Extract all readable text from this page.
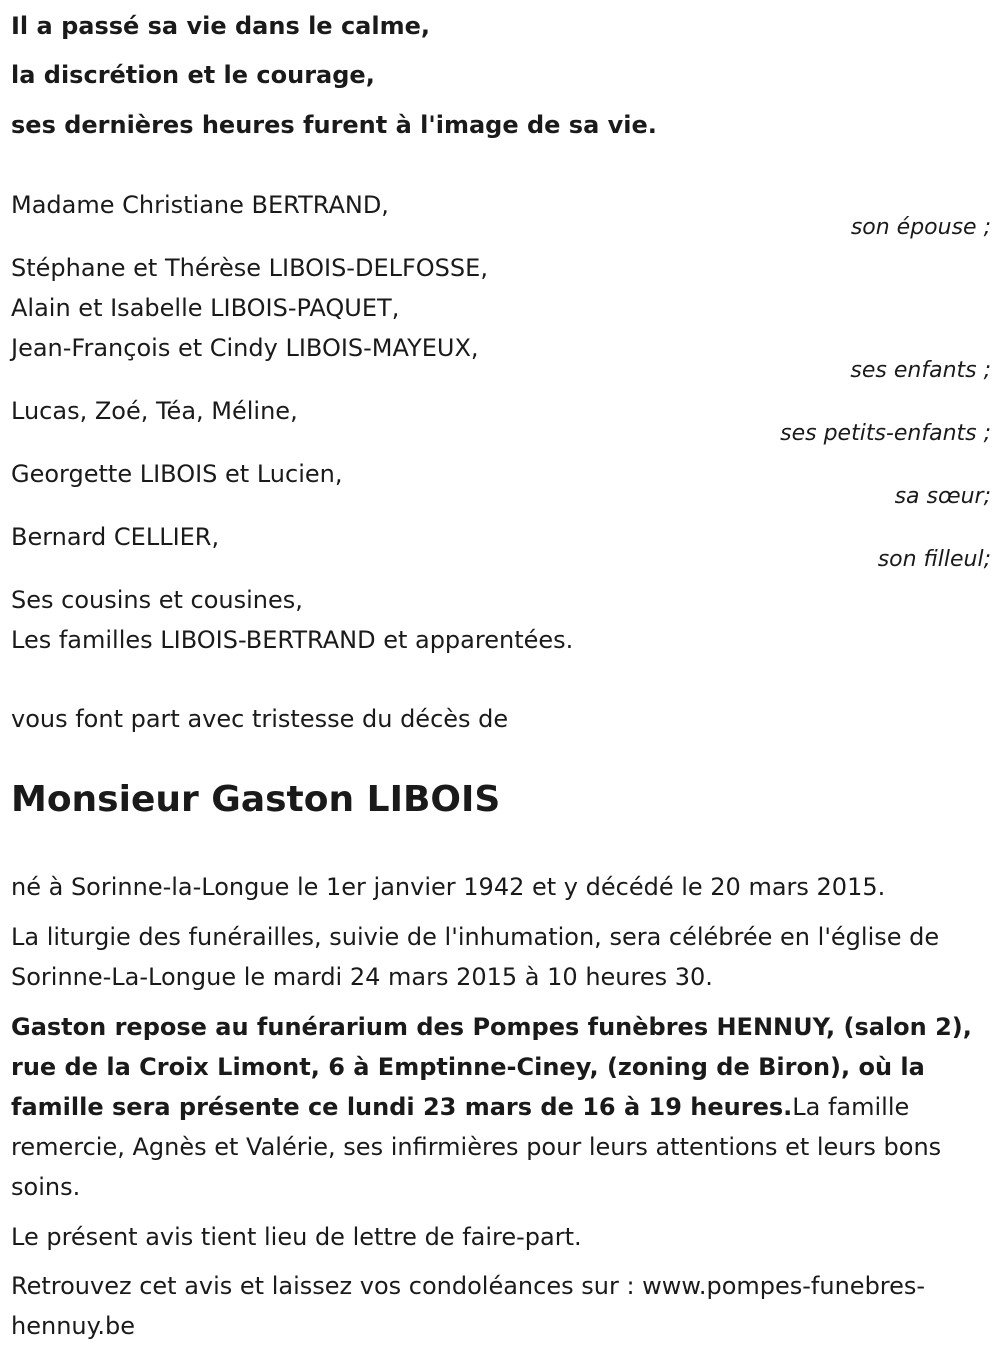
Il a passé sa vie dans le calme,
la discrétion et le courage,
ses dernières heures furent à l'image de sa vie.
Madame Christiane BERTRAND,
son épouse ;
Stéphane et Thérèse LIBOIS-DELFOSSE,
Alain et Isabelle LIBOIS-PAQUET,
Jean-François et Cindy LIBOIS-MAYEUX,
ses enfants ;
Lucas, Zoé, Téa, Méline,
ses petits-enfants ;
Georgette LIBOIS et Lucien,
sa sœur;
Bernard CELLIER,
son filleul;
Ses cousins et cousines,
Les familles LIBOIS-BERTRAND et apparentées.
vous font part avec tristesse du décès de
Monsieur Gaston LIBOIS
né à Sorinne-la-Longue le 1er janvier 1942 et y décédé le 20 mars 2015.
La liturgie des funérailles, suivie de l'inhumation, sera célébrée en l'église de Sorinne-La-Longue le mardi 24 mars 2015 à 10 heures 30.
Gaston repose au funérarium des Pompes funèbres HENNUY, (salon 2), rue de la Croix Limont, 6 à Emptinne-Ciney, (zoning de Biron), où la famille sera présente ce lundi 23 mars de 16 à 19 heures.La famille remercie, Agnès et Valérie, ses infirmières pour leurs attentions et leurs bons soins.
Le présent avis tient lieu de lettre de faire-part.
Retrouvez cet avis et laissez vos condoléances sur : www.pompes-funebres-hennuy.be
